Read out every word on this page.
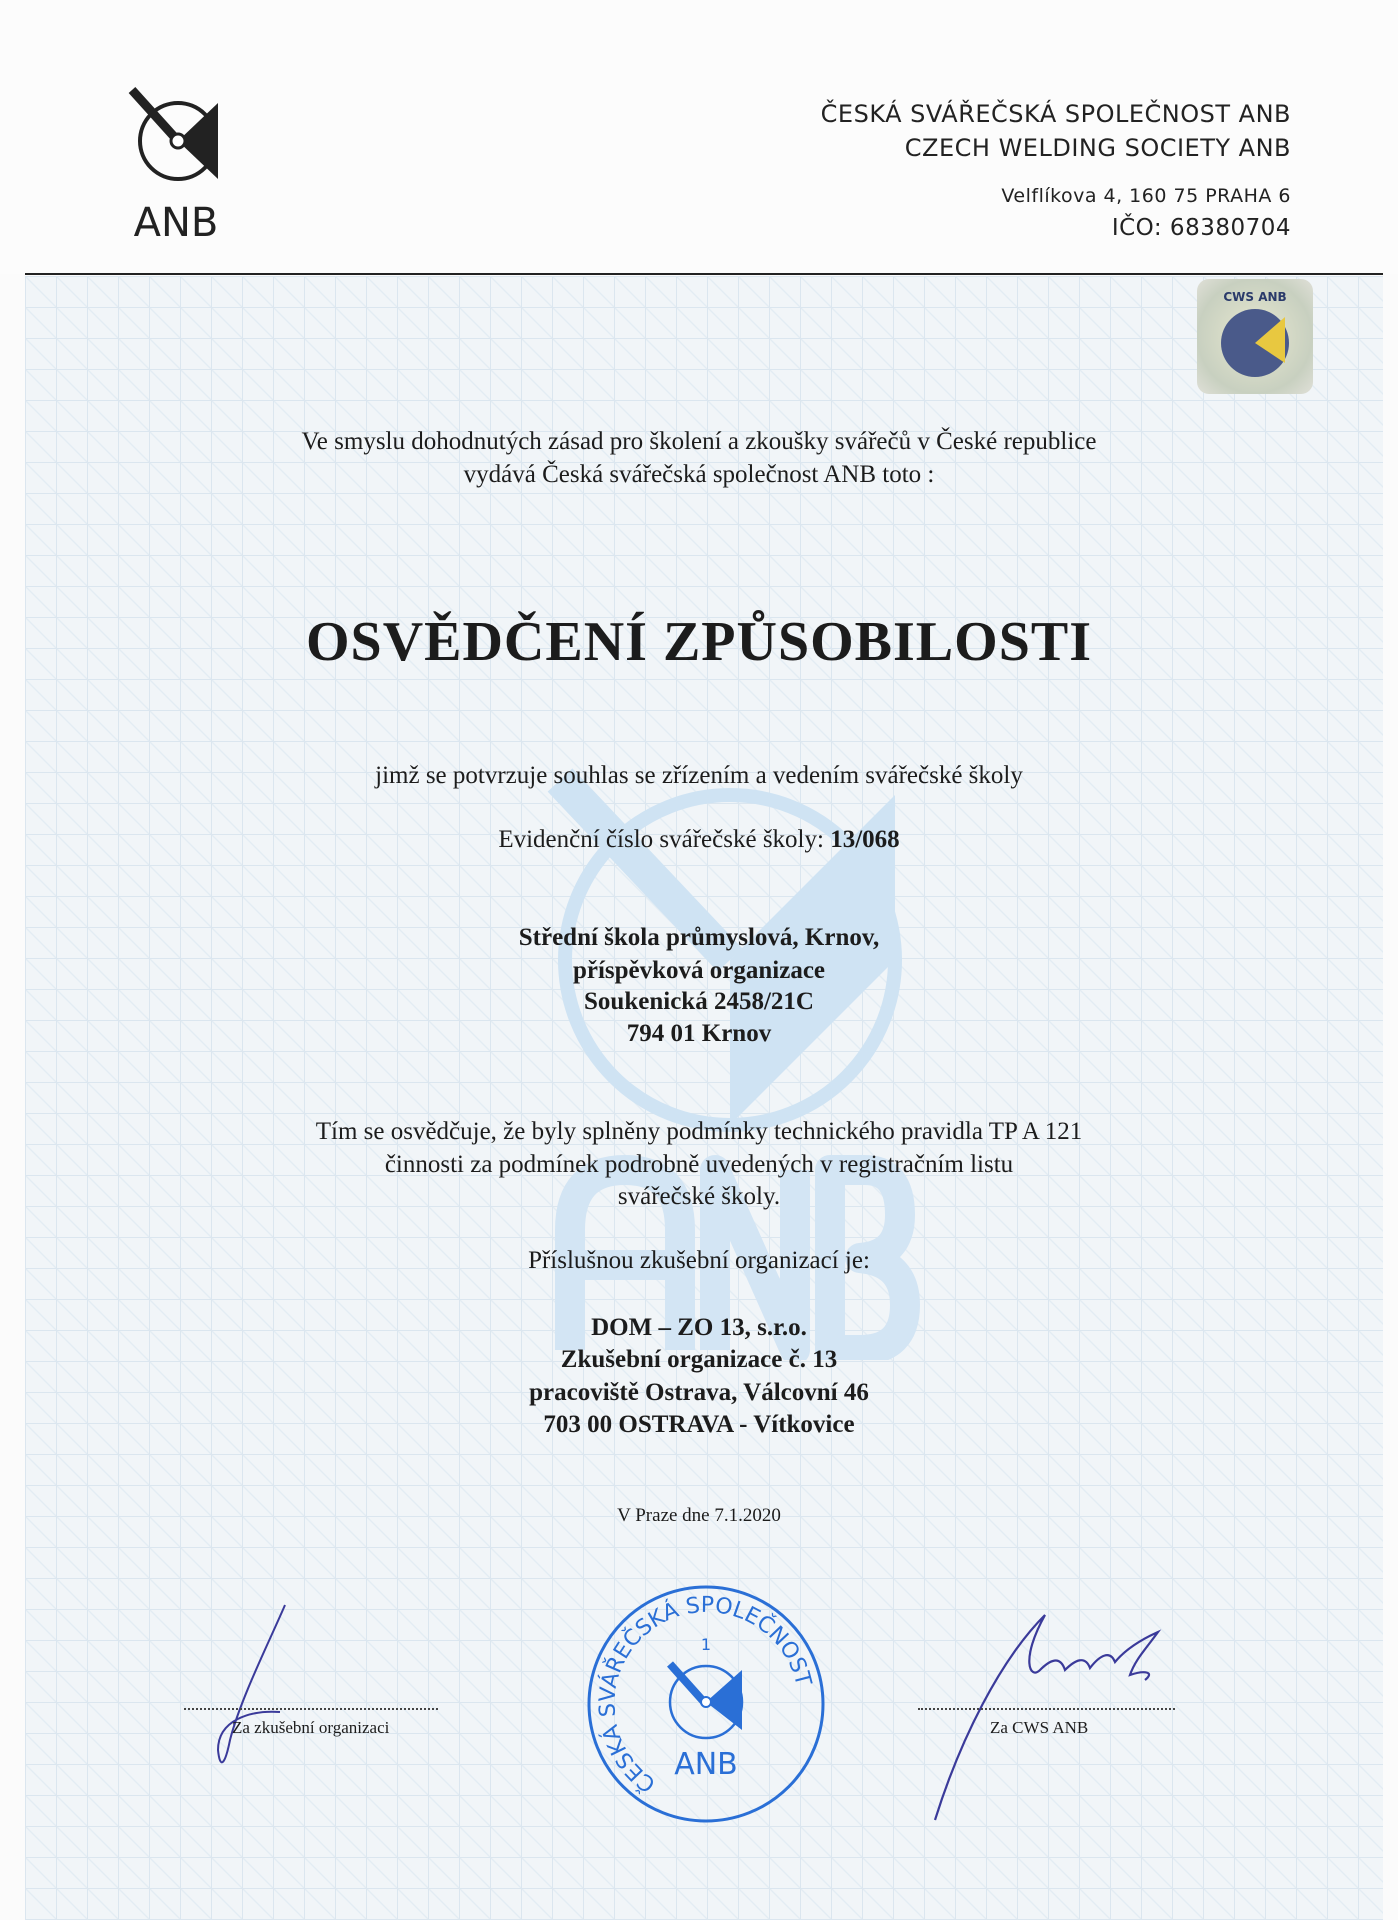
ANB
ČESKÁ SVÁŘEČSKÁ SPOLEČNOST ANB
CZECH WELDING SOCIETY ANB
Velflíkova 4, 160 75 PRAHA 6
IČO: 68380704
CWS ANB
Ve smyslu dohodnutých zásad pro školení a zkoušky svářečů v České republice
vydává Česká svářečská společnost ANB toto :
OSVĚDČENÍ ZPŮSOBILOSTI
jimž se potvrzuje souhlas se zřízením a vedením svářečské školy
Evidenční číslo svářečské školy: 13/068
Střední škola průmyslová, Krnov,
příspěvková organizace
Soukenická 2458/21C
794 01 Krnov
Tím se osvědčuje, že byly splněny podmínky technického pravidla TP A 121
činnosti za podmínek podrobně uvedených v registračním listu
svářečské školy.
Příslušnou zkušební organizací je:
DOM – ZO 13, s.r.o.
Zkušební organizace č. 13
pracoviště Ostrava, Válcovní 46
703 00 OSTRAVA - Vítkovice
V Praze dne 7.1.2020
Za zkušební organizaci	Za CWS ANB
ČESKÁ SVÁŘEČSKÁ SPOLEČNOST
1
ANB
